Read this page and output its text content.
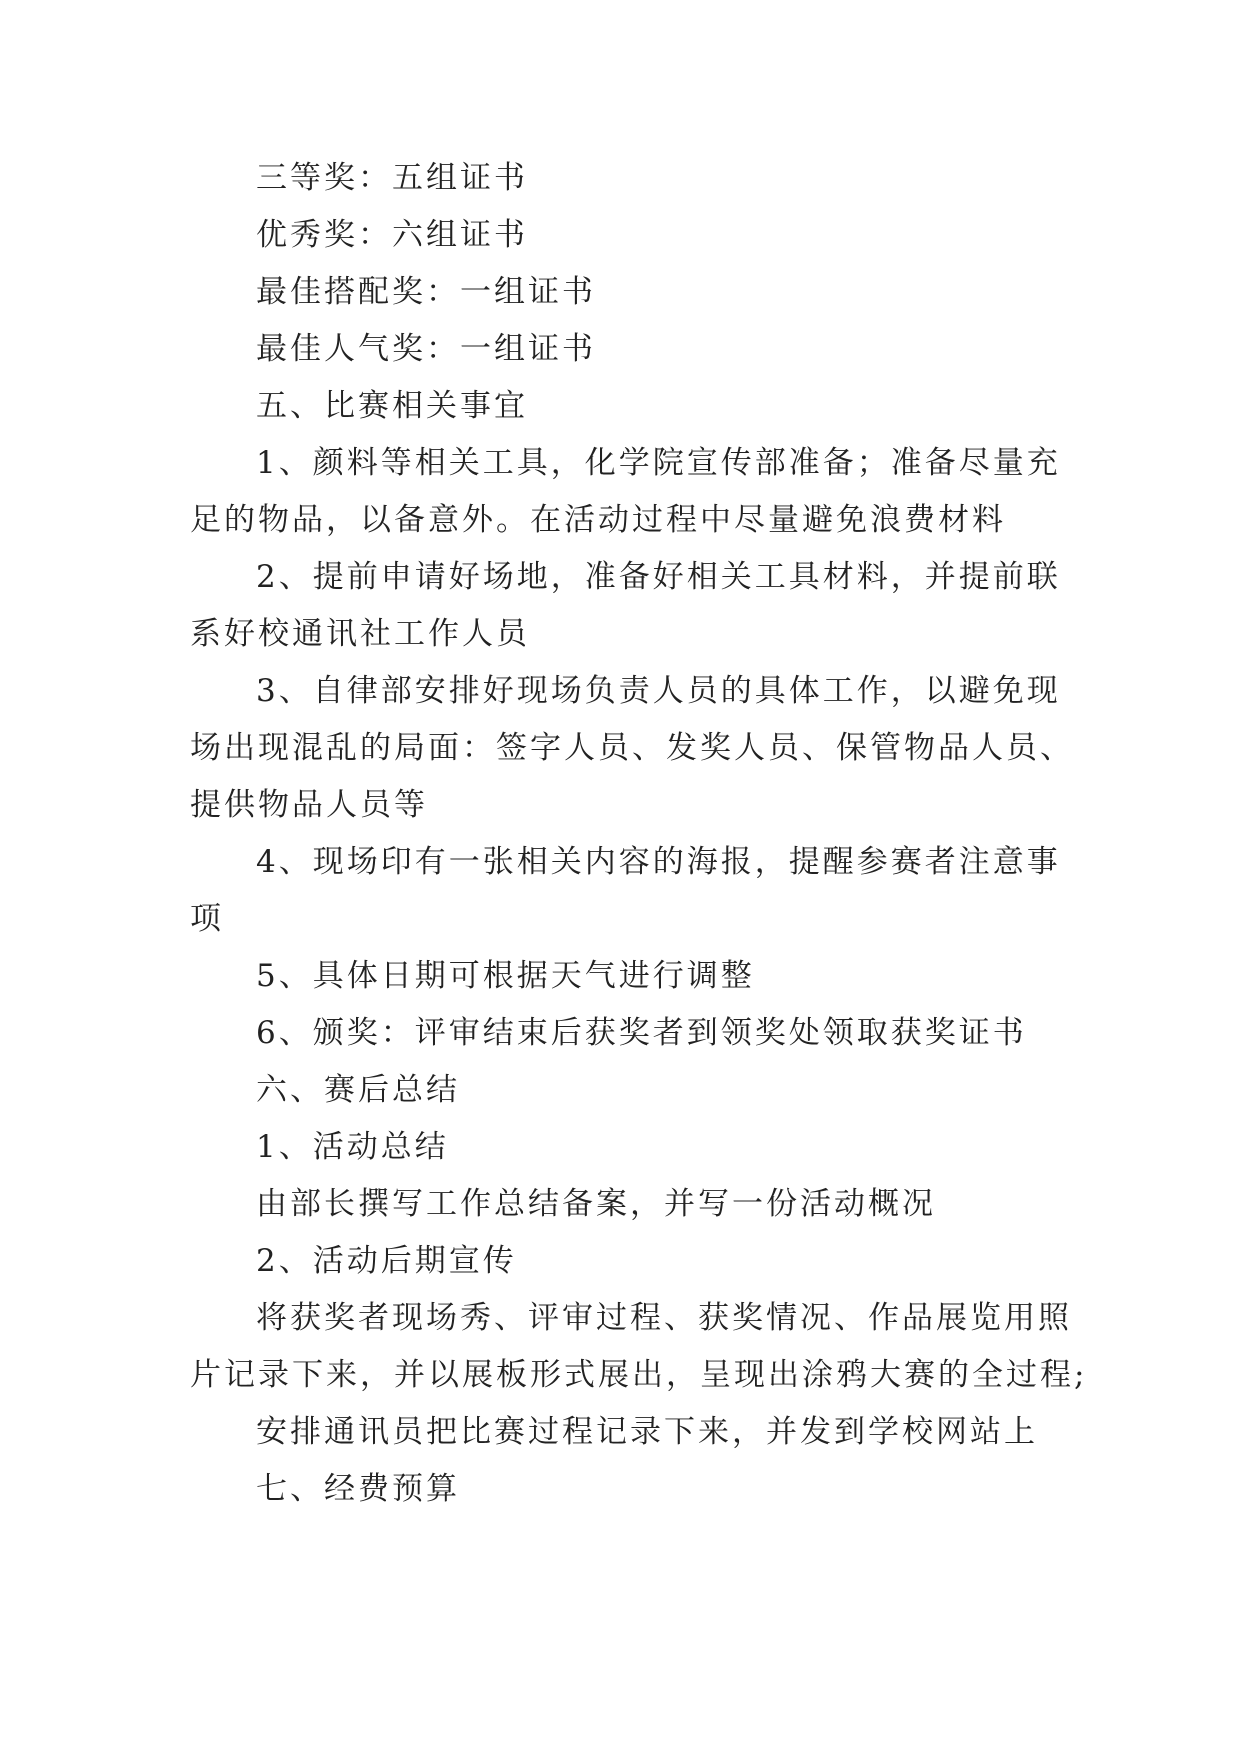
三等奖：五组证书
优秀奖：六组证书
最佳搭配奖：一组证书
最佳人气奖：一组证书
五、比赛相关事宜
1、颜料等相关工具，化学院宣传部准备；准备尽量充
足的物品，以备意外。在活动过程中尽量避免浪费材料
2、提前申请好场地，准备好相关工具材料，并提前联
系好校通讯社工作人员
3、自律部安排好现场负责人员的具体工作，以避免现
场出现混乱的局面：签字人员、发奖人员、保管物品人员、
提供物品人员等
4、现场印有一张相关内容的海报，提醒参赛者注意事
项
5、具体日期可根据天气进行调整
6、颁奖：评审结束后获奖者到领奖处领取获奖证书
六、赛后总结
1、活动总结
由部长撰写工作总结备案，并写一份活动概况
2、活动后期宣传
将获奖者现场秀、评审过程、获奖情况、作品展览用照
片记录下来，并以展板形式展出，呈现出涂鸦大赛的全过程;
安排通讯员把比赛过程记录下来，并发到学校网站上
七、经费预算
